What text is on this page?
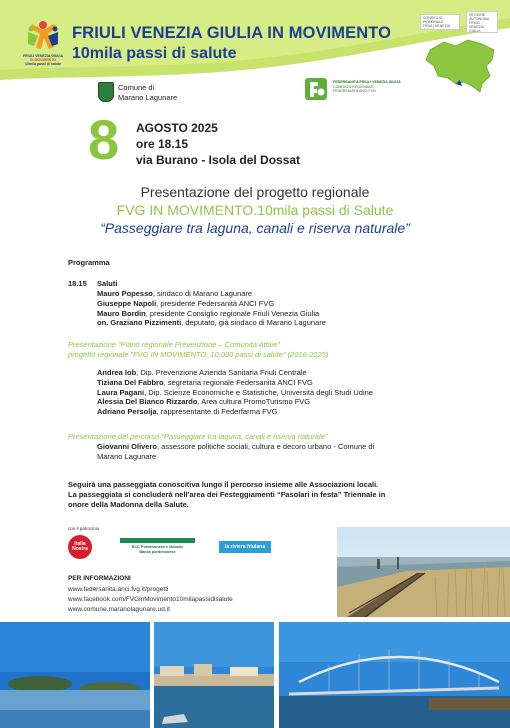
FRIULI VENEZIA GIULIA
IN MOVIMENTO
10mila passi di salute
FRIULI VENEZIA GIULIA IN MOVIMENTO
10mila passi di salute
CONSIGLIO REGIONALE
FRIULI VENEZIA GIULIA
REGIONE
AUTONOMA
FRIULI
VENEZIA
GIULIA
Comune di
Marano Lagunare
FEDERSANITÀ FRIULI VENEZIA GIULIA
COMITATO REGIONALE
FEDERSANITÀ ANCI FVG
8 AGOSTO 2025
ore 18.15
via Burano - Isola del Dossat
Presentazione del progetto regionale
FVG IN MOVIMENTO.10mila passi di Salute
“Passeggiare tra laguna, canali e riserva naturale”
Programma
18.15 Saluti
Mauro Popesso, sindaco di Marano Lagunare
Giuseppe Napoli, presidente Federsanità ANCI FVG
Mauro Bordin, presidente Consiglio regionale Friuli Venezia Giulia
on. Graziano Pizzimenti, deputato, già sindaco di Marano Lagunare
Presentazione “Piano regionale Prevenzione – Comunità Attive”
progetto regionale “FVG IN MOVIMENTO. 10.000 passi di salute” (2016-2025)
Andrea Iob, Dip. Prevenzione Azienda Sanitaria Friuli Centrale
Tiziana Del Fabbro, segretaria regionale Federsanità ANCI FVG
Laura Pagani, Dip. Scienze Economiche e Statistiche, Università degli Studi Udine
Alessia Del Bianco Rizzardo, Area cultura PromoTurismo FVG
Adriano Persolja, rappresentante di Federfarma FVG
Presentazione del percorso “Passeggiare tra laguna, canali e riserva naturale”
Giovanni Olivero, assessore politiche sociali, cultura e decoro urbano - Comune di
Marano Lagunare
Seguirà una passeggiata conoscitiva lungo il percorso insieme alle Associazioni locali.
La passeggiata si concluderà nell'area dei Festeggiamenti “Fasolari in festa” Triennale in
onore della Madonna della Salute.
con il patrocinio
Italia
Nostra	BCC Pordenonese e Monsile
Banca pordenonese
la riviera friulana
PER INFORMAZIONI
www.federsanita.anci.fvg.it/progetti
www.facebook.com/FVGinMovimento10milapassidisalute
www.comune.maranolagunare.ud.it
